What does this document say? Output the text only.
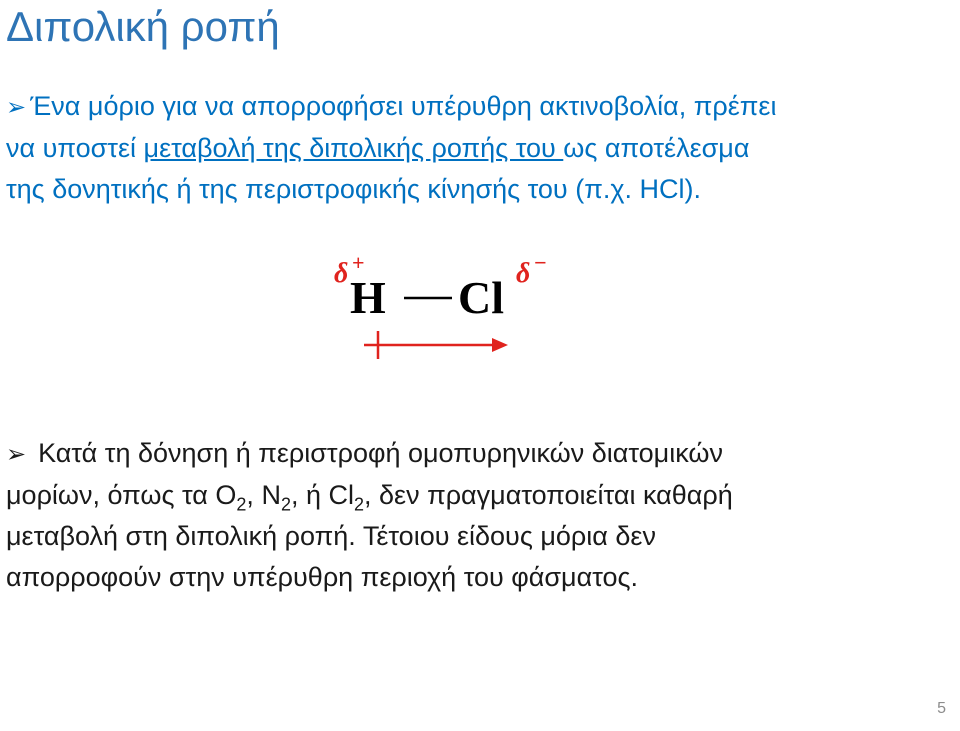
Διπολική ροπή
➢ Ένα μόριο για να απορροφήσει υπέρυθρη ακτινοβολία, πρέπει
να υποστεί μεταβολή της διπολικής ροπής του ως αποτέλεσμα
της δονητικής ή της περιστροφικής κίνησής του (π.χ. HCl).
δ +
H Cl δ −
➢ Κατά τη δόνηση ή περιστροφή ομοπυρηνικών διατομικών
μορίων, όπως τα $O_2$, $N_2$, ή $Cl_2$, δεν πραγματοποιείται καθαρή
μεταβολή στη διπολική ροπή. Τέτοιου είδους μόρια δεν
απορροφούν στην υπέρυθρη περιοχή του φάσματος.
5
